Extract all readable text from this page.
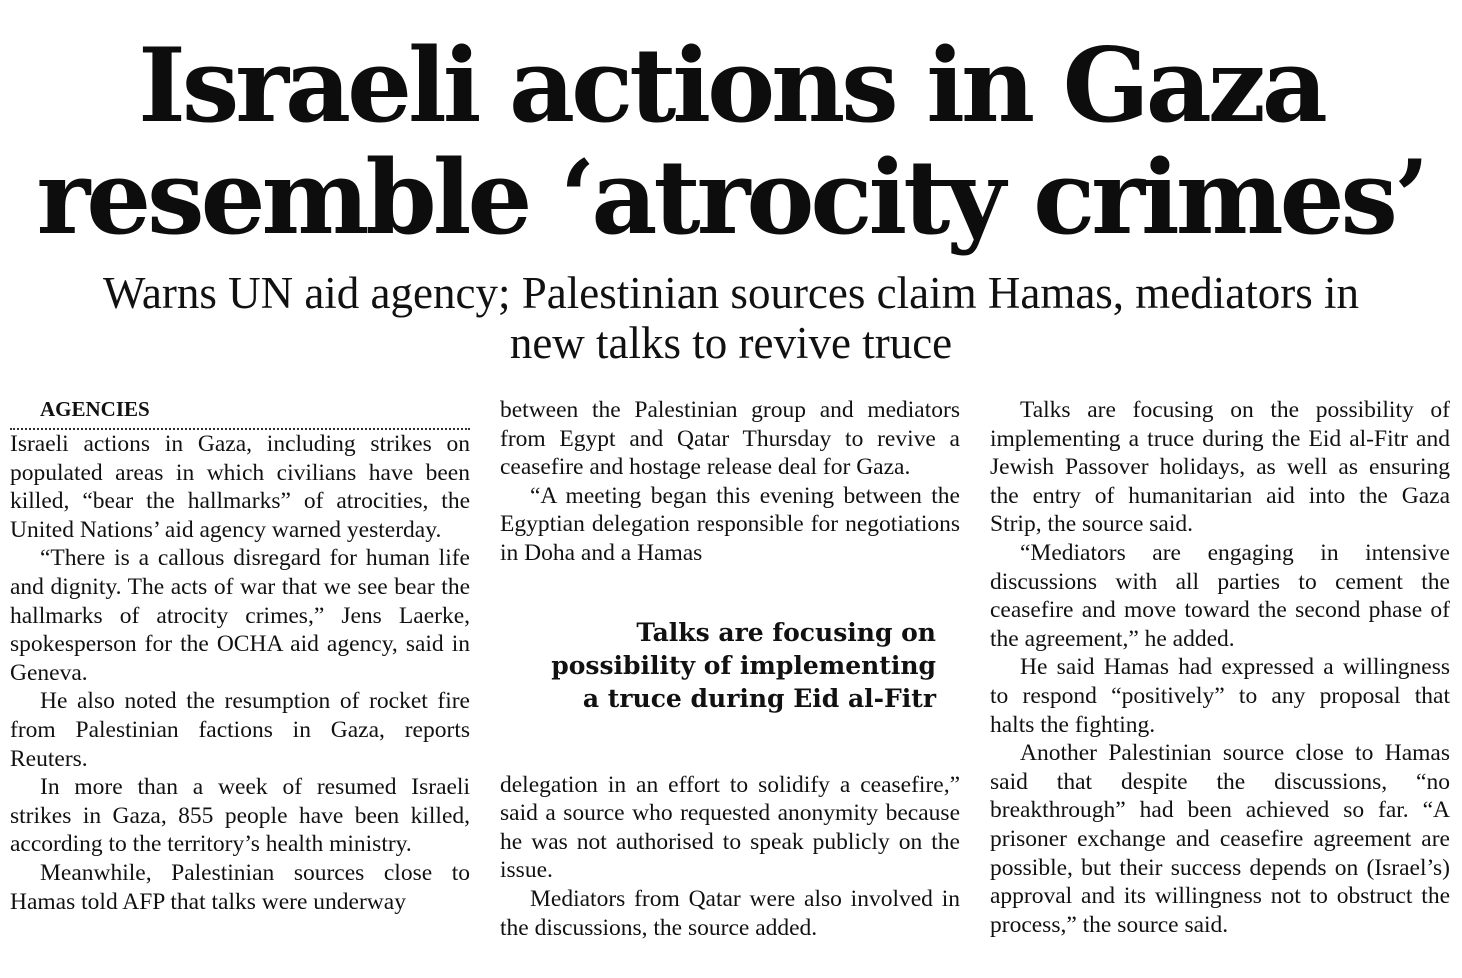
Israeli actions in Gaza
resemble ‘atrocity crimes’
Warns UN aid agency; Palestinian sources claim Hamas, mediators in
new talks to revive truce

AGENCIES

Israeli actions in Gaza, including strikes on populated areas in which civilians have been killed, “bear the hallmarks” of atrocities, the United Nations’ aid agency warned yesterday.

“There is a callous disregard for human life and dignity. The acts of war that we see bear the hallmarks of atrocity crimes,” Jens Laerke, spokesperson for the OCHA aid agency, said in Geneva.

He also noted the resumption of rocket fire from Palestinian factions in Gaza, reports Reuters.

In more than a week of resumed Israeli strikes in Gaza, 855 people have been killed, according to the territory’s health ministry.

Meanwhile, Palestinian sources close to Hamas told AFP that talks were underway

between the Palestinian group and mediators from Egypt and Qatar Thursday to revive a ceasefire and hostage release deal for Gaza.

“A meeting began this evening between the Egyptian delegation responsible for negotiations in Doha and a Hamas

Talks are focusing on
possibility of implementing
a truce during Eid al-Fitr

delegation in an effort to solidify a ceasefire,” said a source who requested anonymity because he was not authorised to speak publicly on the issue.

Mediators from Qatar were also involved in the discussions, the source added.

Talks are focusing on the possibility of implementing a truce during the Eid al-Fitr and Jewish Passover holidays, as well as ensuring the entry of humanitarian aid into the Gaza Strip, the source said.

“Mediators are engaging in intensive discussions with all parties to cement the ceasefire and move toward the second phase of the agreement,” he added.

He said Hamas had expressed a willingness to respond “positively” to any proposal that halts the fighting.

Another Palestinian source close to Hamas said that despite the discussions, “no breakthrough” had been achieved so far. “A prisoner exchange and ceasefire agreement are possible, but their success depends on (Israel’s) approval and its willingness not to obstruct the process,” the source said.
